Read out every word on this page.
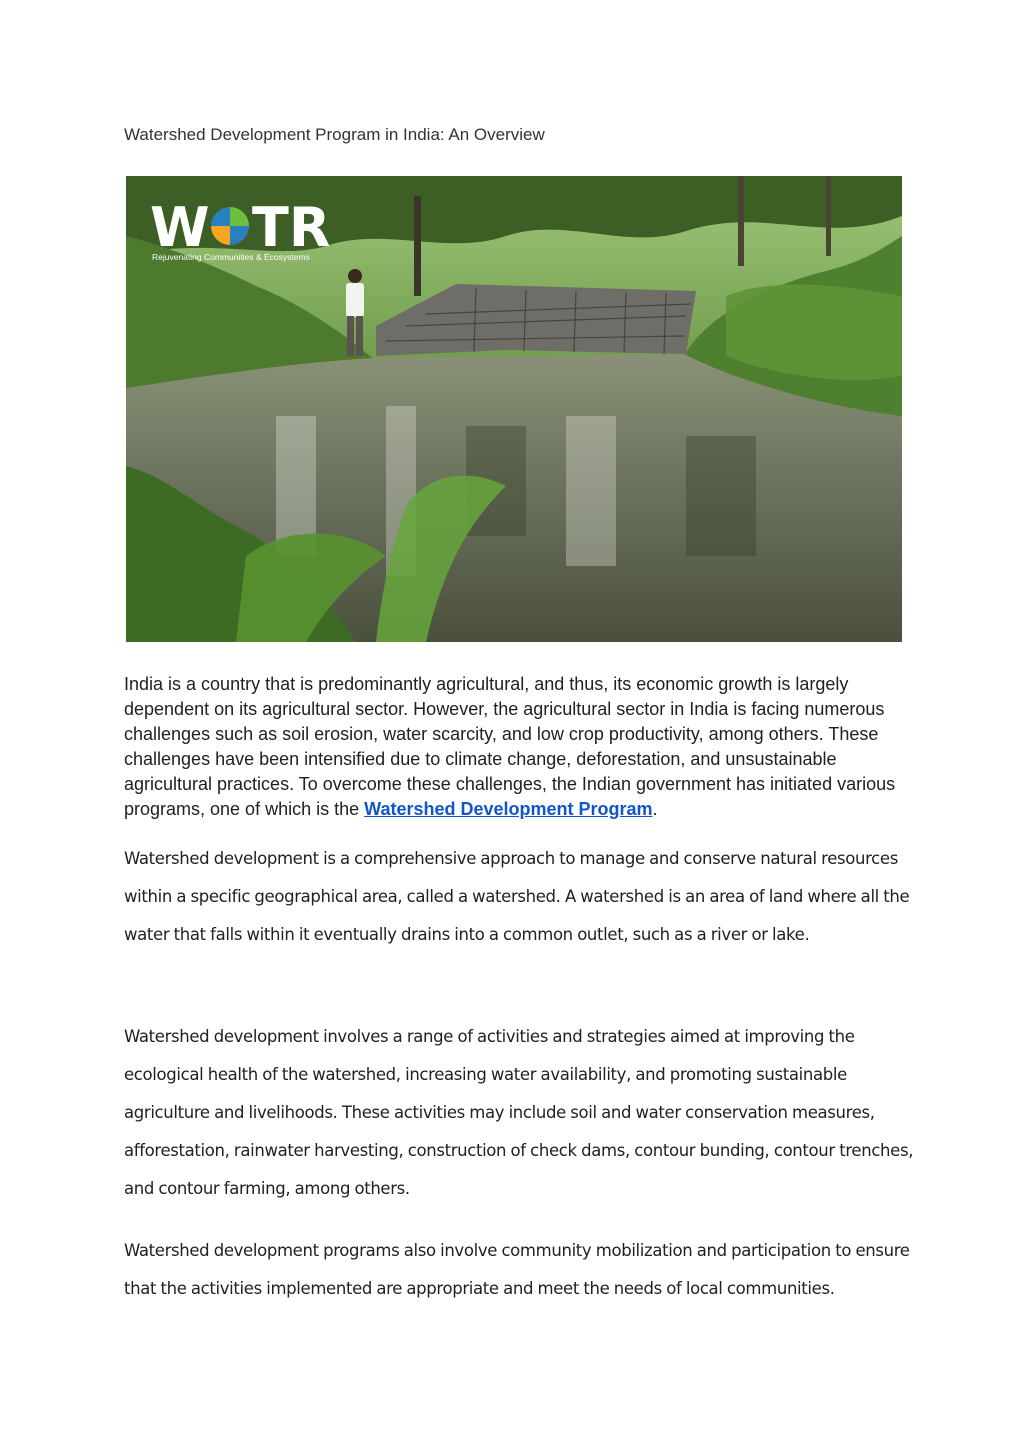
Watershed Development Program in India: An Overview
W TR
Rejuvenating Communities & Ecosystems

India is a country that is predominantly agricultural, and thus, its economic growth is largely dependent on its agricultural sector. However, the agricultural sector in India is facing numerous challenges such as soil erosion, water scarcity, and low crop productivity, among others. These challenges have been intensified due to climate change, deforestation, and unsustainable agricultural practices. To overcome these challenges, the Indian government has initiated various programs, one of which is the Watershed Development Program.

Watershed development is a comprehensive approach to manage and conserve natural resources within a specific geographical area, called a watershed. A watershed is an area of land where all the water that falls within it eventually drains into a common outlet, such as a river or lake.

Watershed development involves a range of activities and strategies aimed at improving the ecological health of the watershed, increasing water availability, and promoting sustainable agriculture and livelihoods. These activities may include soil and water conservation measures, afforestation, rainwater harvesting, construction of check dams, contour bunding, contour trenches, and contour farming, among others.

Watershed development programs also involve community mobilization and participation to ensure that the activities implemented are appropriate and meet the needs of local communities.
